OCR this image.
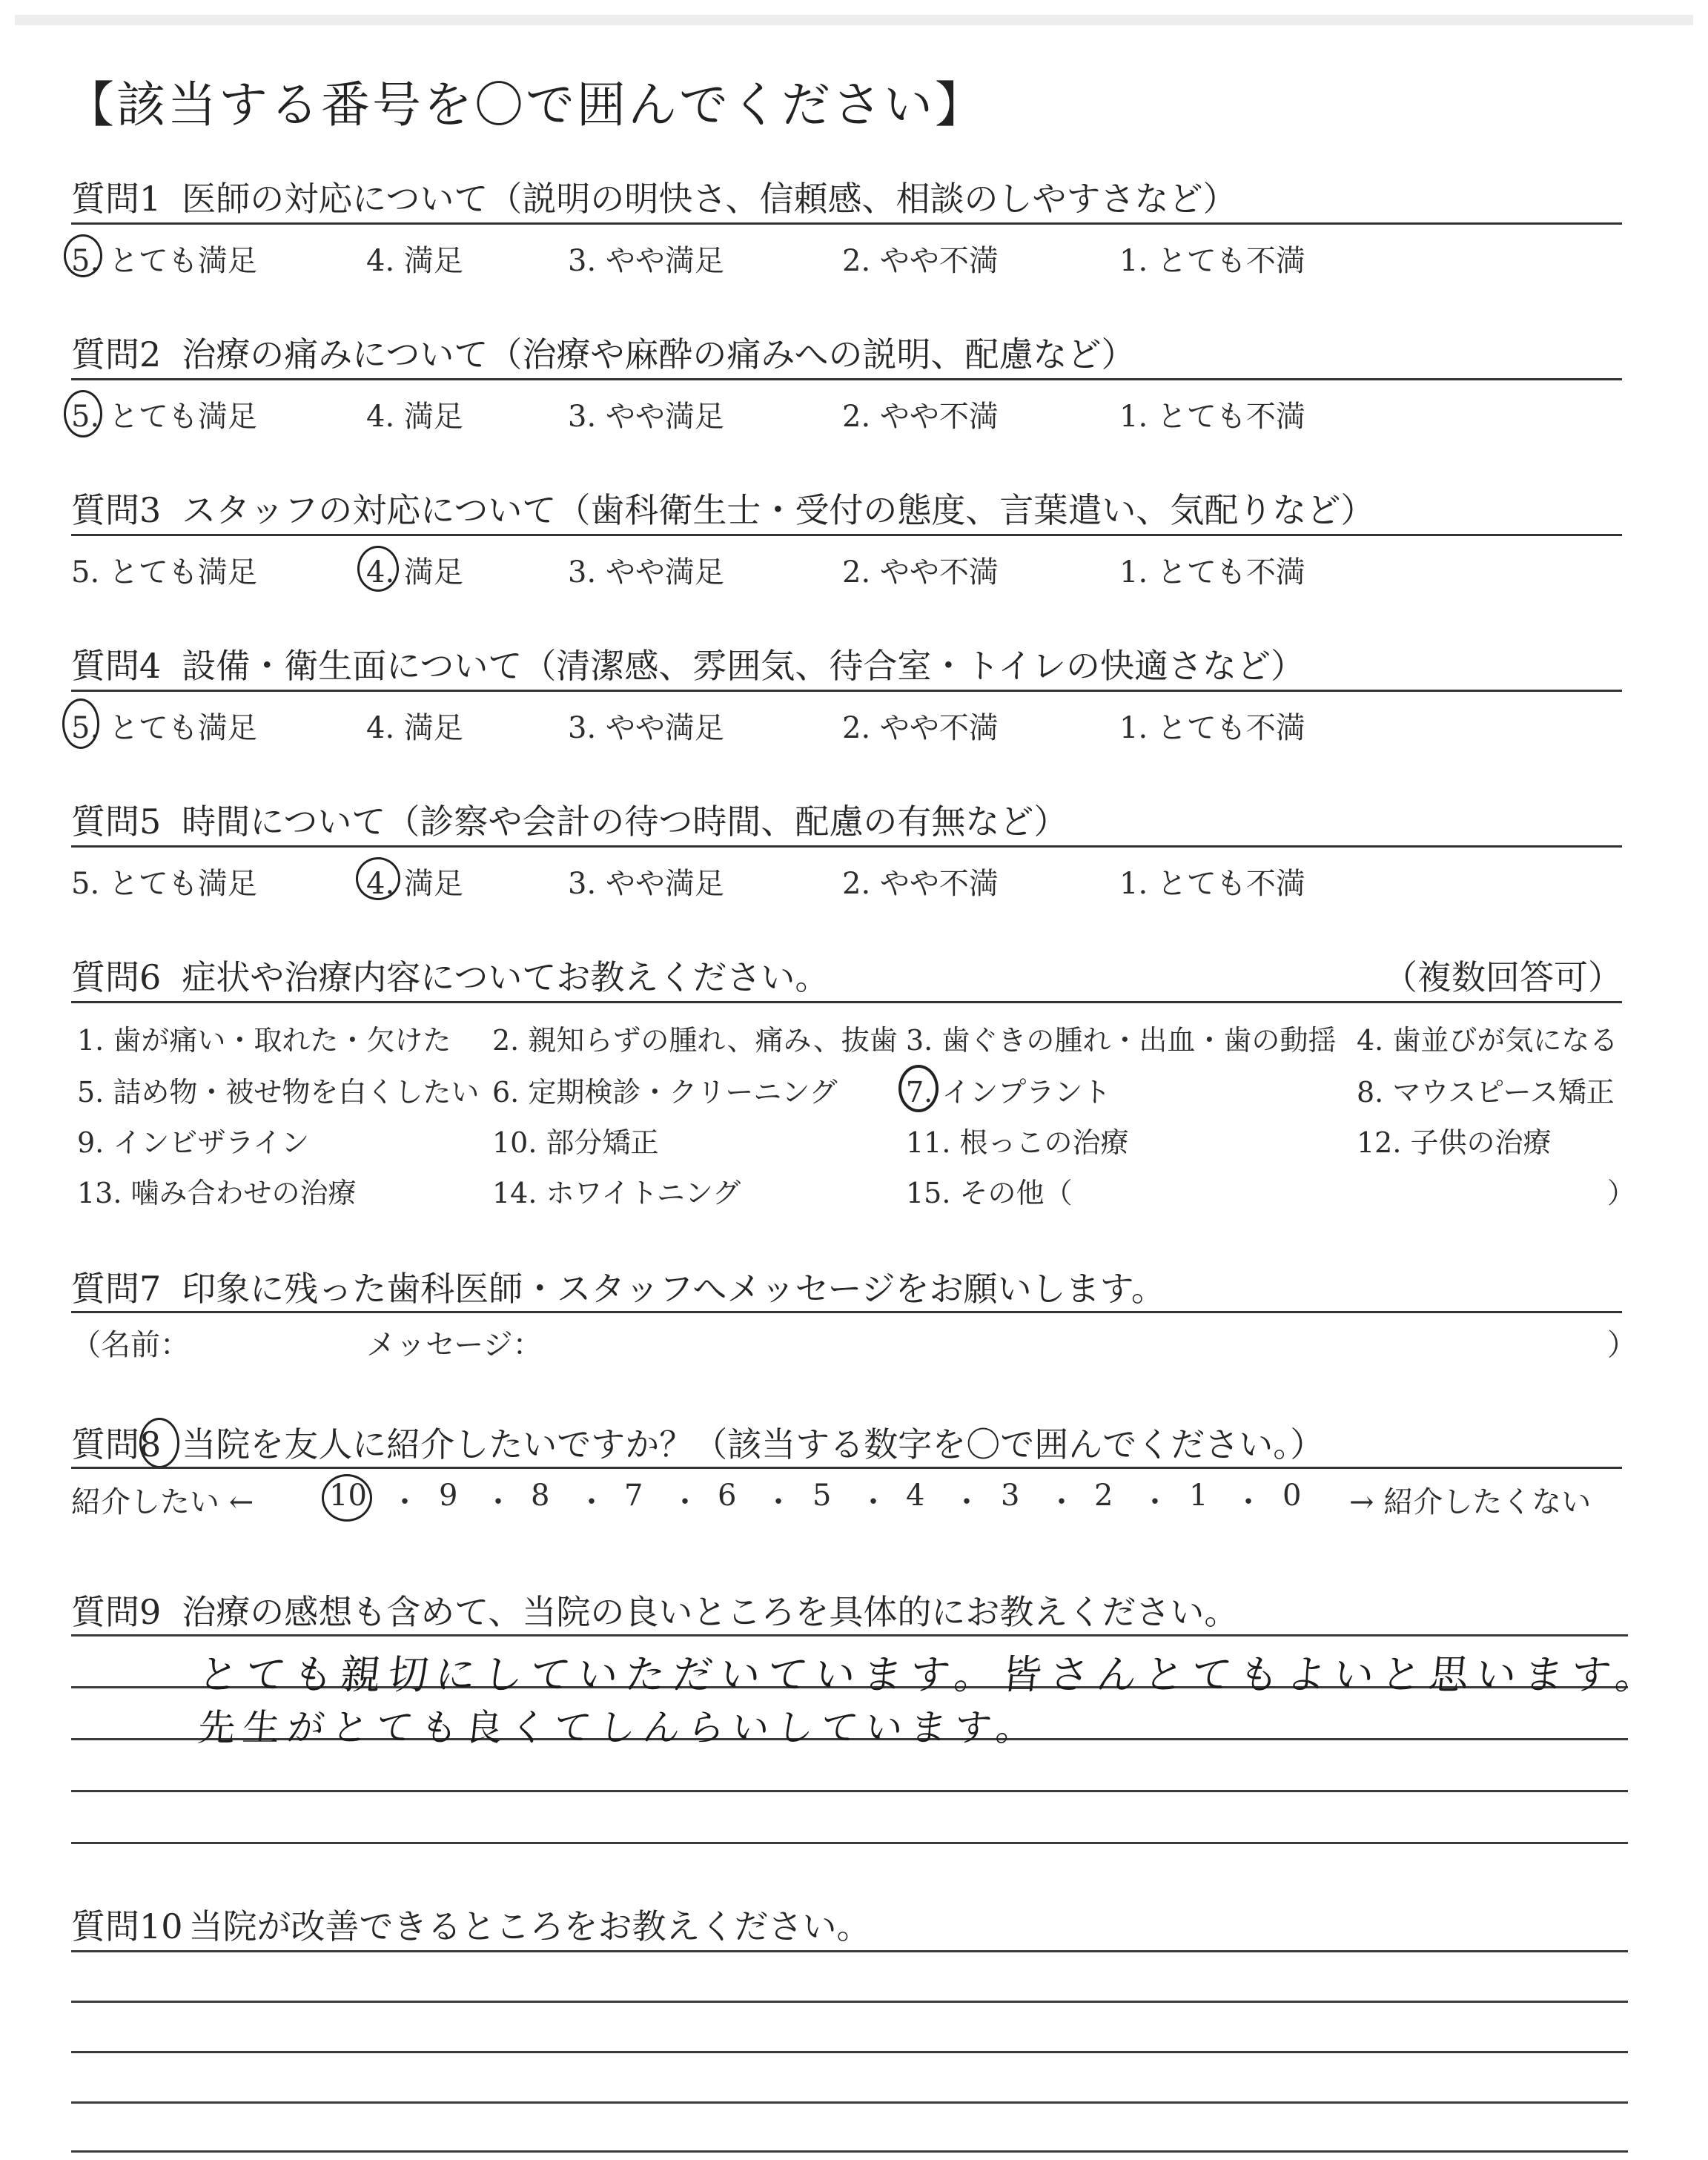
【該当する番号を〇で囲んでください】
質問1 医師の対応について（説明の明快さ、信頼感、相談のしやすさなど）
5. とても満足	4. 満足	3. やや満足	2. やや不満	1. とても不満
質問2 治療の痛みについて（治療や麻酔の痛みへの説明、配慮など）
5. とても満足	4. 満足	3. やや満足	2. やや不満	1. とても不満
質問3 スタッフの対応について（歯科衛生士・受付の態度、言葉遣い、気配りなど）
5. とても満足	4. 満足	3. やや満足	2. やや不満	1. とても不満
質問4 設備・衛生面について（清潔感、雰囲気、待合室・トイレの快適さなど）
5. とても満足	4. 満足	3. やや満足	2. やや不満	1. とても不満
質問5 時間について（診察や会計の待つ時間、配慮の有無など）
5. とても満足	4. 満足	3. やや満足	2. やや不満	1. とても不満
質問6 症状や治療内容についてお教えください。	（複数回答可）
1. 歯が痛い・取れた・欠けた 2. 親知らずの腫れ、痛み、抜歯 3. 歯ぐきの腫れ・出血・歯の動揺 4. 歯並びが気になる
5. 詰め物・被せ物を白くしたい 6. 定期検診・クリーニング 7. インプラント	8. マウスピース矯正
9. インビザライン	10. 部分矯正	11. 根っこの治療	12. 子供の治療
13. 噛み合わせの治療	14. ホワイトニング	15. その他（	）
質問7 印象に残った歯科医師・スタッフへメッセージをお願いします。
（名前：	メッセージ：	）
質問8 当院を友人に紹介したいですか？（該当する数字を〇で囲んでください。）
紹介したい ←	→ 紹介したくない
10 ・ 9 ・ 8 ・ 7 ・ 6 ・ 5 ・ 4 ・ 3 ・ 2 ・ 1 ・ 0
質問9 治療の感想も含めて、当院の良いところを具体的にお教えください。
とても親切にしていただいています。皆さんとてもよいと思います。
先生がとても良くてしんらいしています。
質問10 当院が改善できるところをお教えください。
